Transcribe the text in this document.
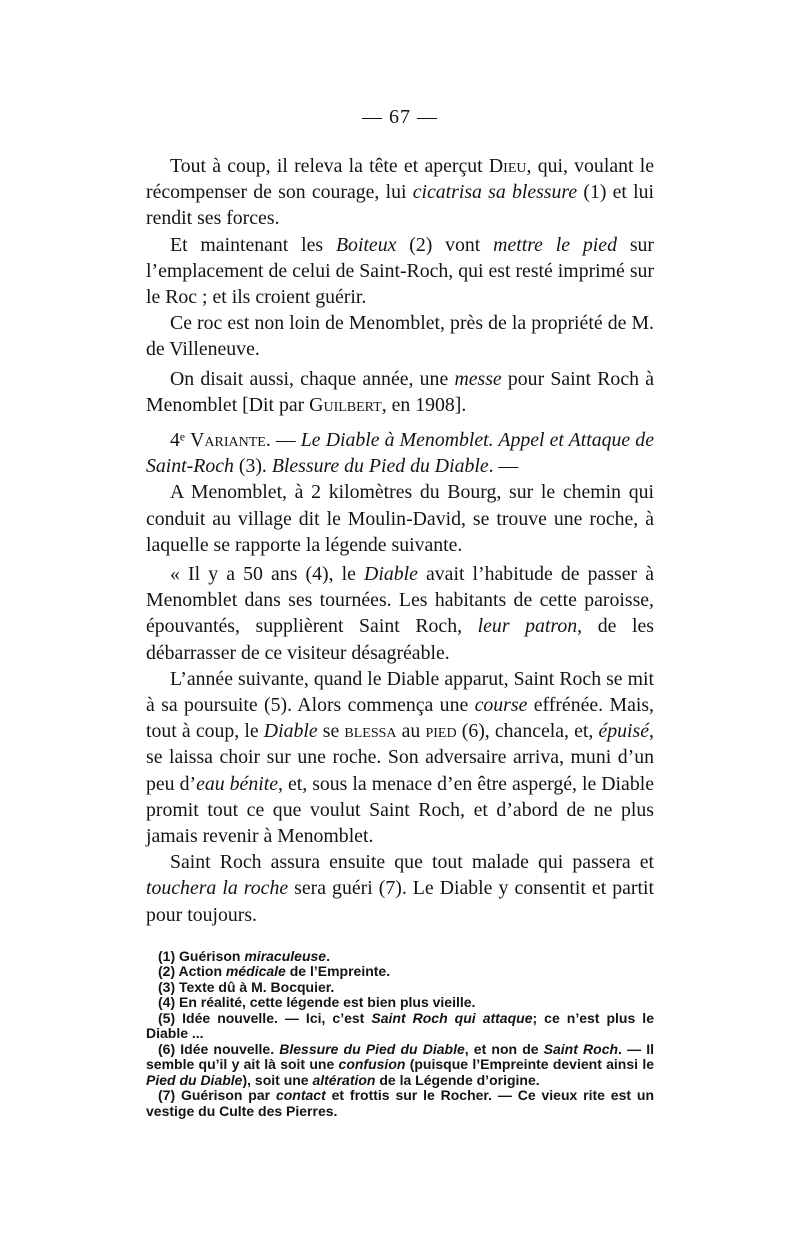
— 67 —

Tout à coup, il releva la tête et aperçut Dieu, qui, voulant le récompenser de son courage, lui cicatrisa sa blessure (1) et lui rendit ses forces.

Et maintenant les Boiteux (2) vont mettre le pied sur l’emplacement de celui de Saint-Roch, qui est resté imprimé sur le Roc ; et ils croient guérir.

Ce roc est non loin de Menomblet, près de la propriété de M. de Villeneuve.

On disait aussi, chaque année, une messe pour Saint Roch à Menomblet [Dit par Guilbert, en 1908].

4ᵉ Variante. — Le Diable à Menomblet. Appel et Attaque de Saint-Roch (3). Blessure du Pied du Diable. —

A Menomblet, à 2 kilomètres du Bourg, sur le chemin qui conduit au village dit le Moulin-David, se trouve une roche, à laquelle se rapporte la légende suivante.

« Il y a 50 ans (4), le Diable avait l’habitude de passer à Menomblet dans ses tournées. Les habitants de cette paroisse, épouvantés, supplièrent Saint Roch, leur patron, de les débarrasser de ce visiteur désagréable.

L’année suivante, quand le Diable apparut, Saint Roch se mit à sa poursuite (5). Alors commença une course effrénée. Mais, tout à coup, le Diable se blessa au pied (6), chancela, et, épuisé, se laissa choir sur une roche. Son adversaire arriva, muni d’un peu d’eau bénite, et, sous la menace d’en être aspergé, le Diable promit tout ce que voulut Saint Roch, et d’abord de ne plus jamais revenir à Menomblet.

Saint Roch assura ensuite que tout malade qui passera et touchera la roche sera guéri (7). Le Diable y consentit et partit pour toujours.

(1) Guérison miraculeuse.

(2) Action médicale de l’Empreinte.

(3) Texte dû à M. Bocquier.

(4) En réalité, cette légende est bien plus vieille.

(5) Idée nouvelle. — Ici, c’est Saint Roch qui attaque; ce n’est plus le Diable ...

(6) Idée nouvelle. Blessure du Pied du Diable, et non de Saint Roch. — Il semble qu’il y ait là soit une confusion (puisque l’Empreinte devient ainsi le Pied du Diable), soit une altération de la Légende d’origine.

(7) Guérison par contact et frottis sur le Rocher. — Ce vieux rite est un vestige du Culte des Pierres.
